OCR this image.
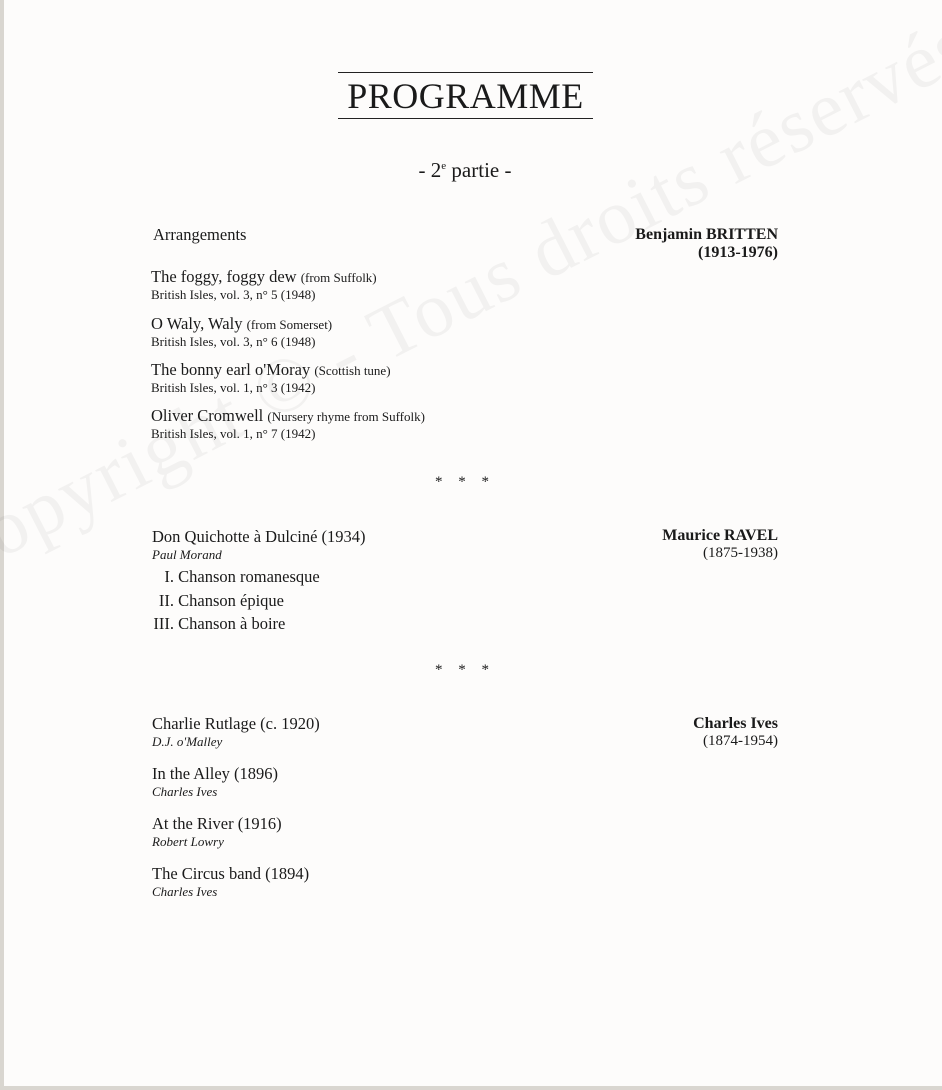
PROGRAMME
- 2e partie -
Arrangements	Benjamin BRITTEN
(1913-1976)
The foggy, foggy dew (from Suffolk)
British Isles, vol. 3, n° 5 (1948)
O Waly, Waly (from Somerset)
British Isles, vol. 3, n° 6 (1948)
The bonny earl o'Moray (Scottish tune)
British Isles, vol. 1, n° 3 (1942)
Oliver Cromwell (Nursery rhyme from Suffolk)
British Isles, vol. 1, n° 7 (1942)
* * *
Don Quichotte à Dulciné (1934)
Paul Morand
Maurice RAVEL
(1875-1938)
I. Chanson romanesque
II. Chanson épique
III. Chanson à boire
* * *
Charles Ives
(1874-1954)
Charlie Rutlage (c. 1920)
D.J. o'Malley
In the Alley (1896)
Charles Ives
At the River (1916)
Robert Lowry
The Circus band (1894)
Charles Ives
